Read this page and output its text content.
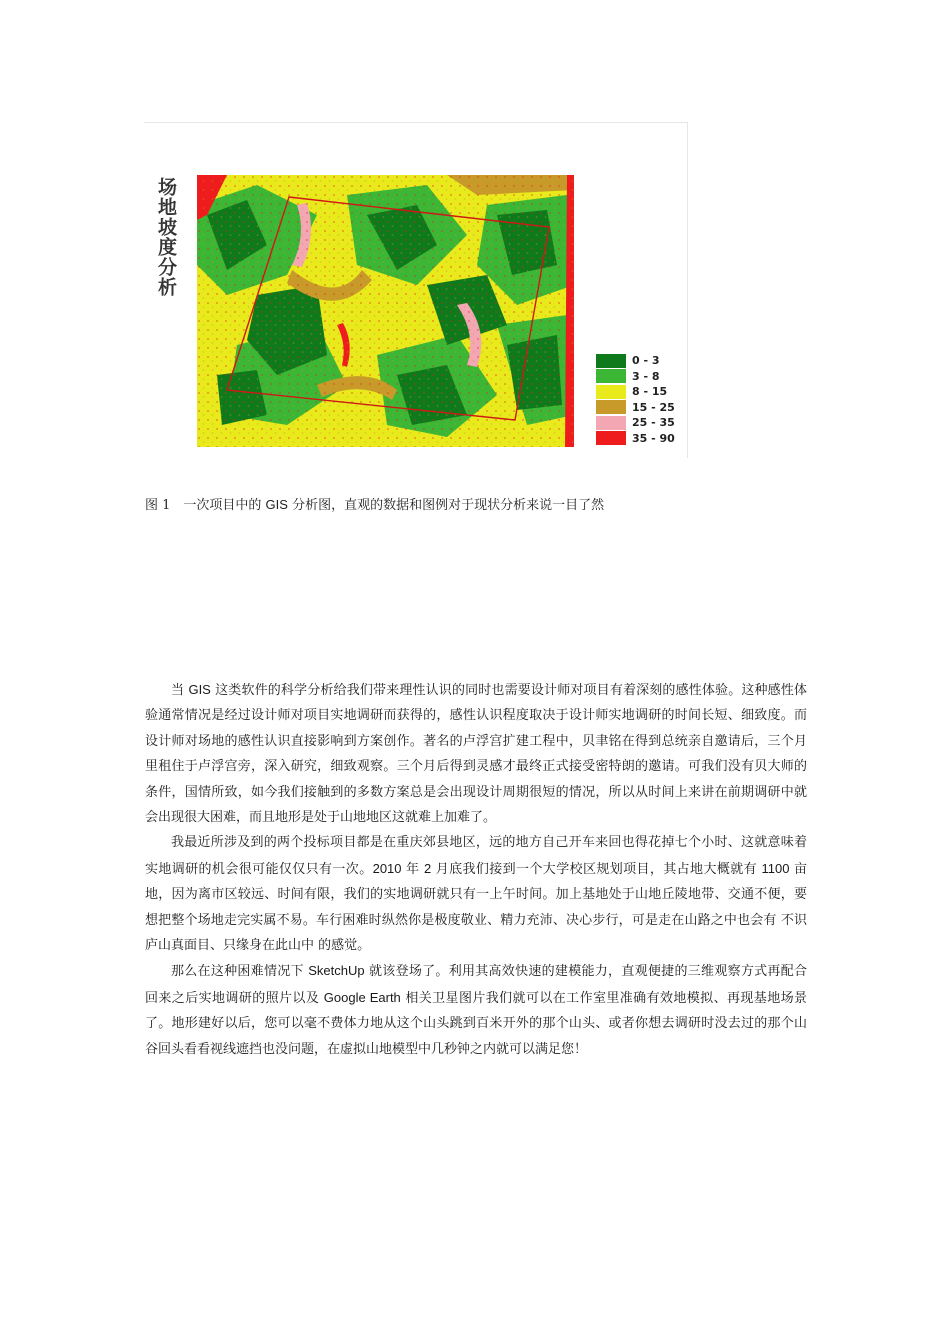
场地坡度分析
0 - 3
3 - 8
8 - 15
15 - 25
25 - 35
35 - 90
图 1　一次项目中的 GIS 分析图，直观的数据和图例对于现状分析来说一目了然

当 GIS 这类软件的科学分析给我们带来理性认识的同时也需要设计师对项目有着深刻的感性体验。这种感性体验通常情况是经过设计师对项目实地调研而获得的，感性认识程度取决于设计师实地调研的时间长短、细致度。而设计师对场地的感性认识直接影响到方案创作。著名的卢浮宫扩建工程中，贝聿铭在得到总统亲自邀请后，三个月里租住于卢浮宫旁，深入研究，细致观察。三个月后得到灵感才最终正式接受密特朗的邀请。可我们没有贝大师的条件，国情所致，如今我们接触到的多数方案总是会出现设计周期很短的情况，所以从时间上来讲在前期调研中就会出现很大困难，而且地形是处于山地地区这就难上加难了。

我最近所涉及到的两个投标项目都是在重庆郊县地区，远的地方自己开车来回也得花掉七个小时、这就意味着实地调研的机会很可能仅仅只有一次。2010 年 2 月底我们接到一个大学校区规划项目，其占地大概就有 1100 亩地，因为离市区较远、时间有限，我们的实地调研就只有一上午时间。加上基地处于山地丘陵地带、交通不便，要想把整个场地走完实属不易。车行困难时纵然你是极度敬业、精力充沛、决心步行，可是走在山路之中也会有 不识庐山真面目、只缘身在此山中 的感觉。

那么在这种困难情况下 SketchUp 就该登场了。利用其高效快速的建模能力，直观便捷的三维观察方式再配合回来之后实地调研的照片以及 Google Earth 相关卫星图片我们就可以在工作室里准确有效地模拟、再现基地场景了。地形建好以后，您可以毫不费体力地从这个山头跳到百米开外的那个山头、或者你想去调研时没去过的那个山谷回头看看视线遮挡也没问题，在虚拟山地模型中几秒钟之内就可以满足您！
